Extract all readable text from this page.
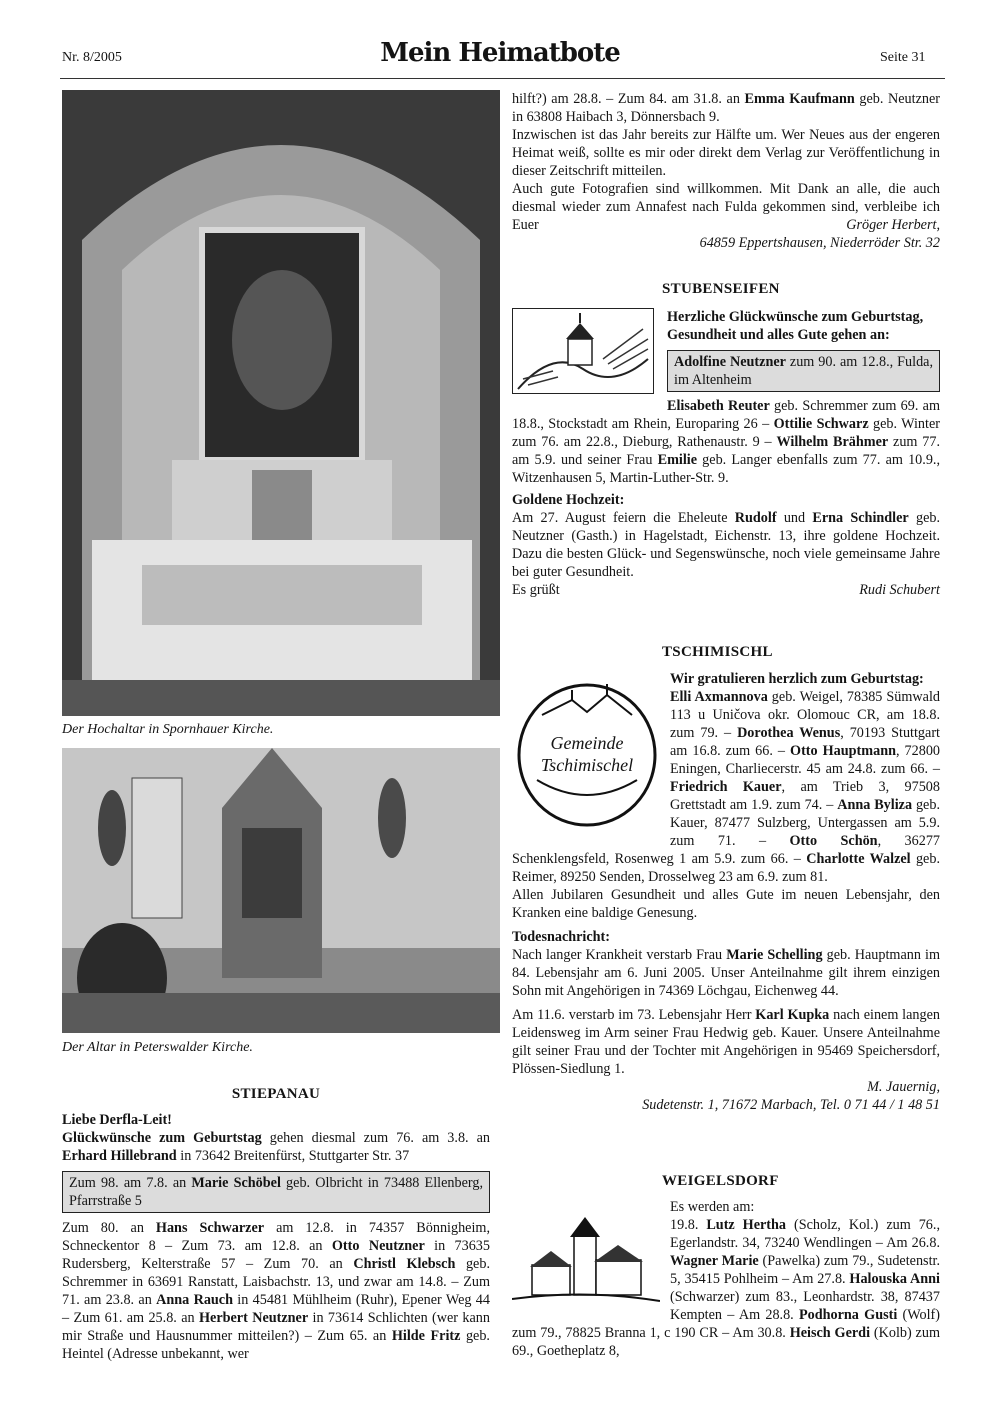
Nr. 8/2005	Mein Heimatbote	Seite 31
Der Hochaltar in Spornhauer Kirche.
Der Altar in Peterswalder Kirche.

STIEPANAU

Liebe Derfla-Leit!

Glückwünsche zum Geburtstag gehen diesmal zum 76. am 3.8. an Erhard Hillebrand in 73642 Breitenfürst, Stuttgarter Str. 37

Zum 98. am 7.8. an Marie Schöbel geb. Olbricht in 73488 Ellenberg, Pfarrstraße 5

Zum 80. an Hans Schwarzer am 12.8. in 74357 Bönnigheim, Schneckentor 8 – Zum 73. am 12.8. an Otto Neutzner in 73635 Rudersberg, Kelterstraße 57 – Zum 70. an Christl Klebsch geb. Schremmer in 63691 Ranstatt, Laisbachstr. 13, und zwar am 14.8. – Zum 71. am 23.8. an Anna Rauch in 45481 Mühlheim (Ruhr), Epener Weg 44 – Zum 61. am 25.8. an Herbert Neutzner in 73614 Schlichten (wer kann mir Straße und Hausnummer mitteilen?) – Zum 65. an Hilde Fritz geb. Heintel (Adresse unbekannt, wer

hilft?) am 28.8. – Zum 84. am 31.8. an Emma Kaufmann geb. Neutzner in 63808 Haibach 3, Dönnersbach 9.

Inzwischen ist das Jahr bereits zur Hälfte um. Wer Neues aus der engeren Heimat weiß, sollte es mir oder direkt dem Verlag zur Veröffentlichung in dieser Zeitschrift mitteilen.

Auch gute Fotografien sind willkommen. Mit Dank an alle, die auch diesmal wieder zum Annafest nach Fulda gekommen sind, verbleibe ich Euer	Gröger Herbert,

64859 Eppertshausen, Niederröder Str. 32

STUBENSEIFEN

Herzliche Glückwünsche zum Geburtstag, Gesundheit und alles Gute gehen an:

Adolfine Neutzner zum 90. am 12.8., Fulda, im Altenheim

Elisabeth Reuter geb. Schremmer zum 69. am 18.8., Stockstadt am Rhein, Europaring 26 – Ottilie Schwarz geb. Winter zum 76. am 22.8., Dieburg, Rathenaustr. 9 – Wilhelm Brähmer zum 77. am 5.9. und seiner Frau Emilie geb. Langer ebenfalls zum 77. am 10.9., Witzenhausen 5, Martin-Luther-Str. 9.

Goldene Hochzeit:

Am 27. August feiern die Eheleute Rudolf und Erna Schindler geb. Neutzner (Gasth.) in Hagelstadt, Eichenstr. 13, ihre goldene Hochzeit. Dazu die besten Glück- und Segenswünsche, noch viele gemeinsame Jahre bei guter Gesundheit.

Es grüßt	Rudi Schubert

TSCHIMISCHL

Gemeinde
Tschimischel

Wir gratulieren herzlich zum Geburtstag:

Elli Axmannova geb. Weigel, 78385 Sümwald 113 u Uničova okr. Olomouc CR, am 18.8. zum 79. – Dorothea Wenus, 70193 Stuttgart am 16.8. zum 66. – Otto Hauptmann, 72800 Eningen, Charliecerstr. 45 am 24.8. zum 66. – Friedrich Kauer, am Trieb 3, 97508 Grettstadt am 1.9. zum 74. – Anna Byliza geb. Kauer, 87477 Sulzberg, Untergassen am 5.9. zum 71. – Otto Schön, 36277 Schenklengsfeld, Rosenweg 1 am 5.9. zum 66. – Charlotte Walzel geb. Reimer, 89250 Senden, Drosselweg 23 am 6.9. zum 81.

Allen Jubilaren Gesundheit und alles Gute im neuen Lebensjahr, den Kranken eine baldige Genesung.

Todesnachricht:

Nach langer Krankheit verstarb Frau Marie Schelling geb. Hauptmann im 84. Lebensjahr am 6. Juni 2005. Unser Anteilnahme gilt ihrem einzigen Sohn mit Angehörigen in 74369 Löchgau, Eichenweg 44.

Am 11.6. verstarb im 73. Lebensjahr Herr Karl Kupka nach einem langen Leidensweg im Arm seiner Frau Hedwig geb. Kauer. Unsere Anteilnahme gilt seiner Frau und der Tochter mit Angehörigen in 95469 Speichersdorf, Plössen-Siedlung 1.

M. Jauernig,

Sudetenstr. 1, 71672 Marbach, Tel. 0 71 44 / 1 48 51

WEIGELSDORF

Es werden am:

19.8. Lutz Hertha (Scholz, Kol.) zum 76., Egerlandstr. 34, 73240 Wendlingen – Am 26.8. Wagner Marie (Pawelka) zum 79., Sudetenstr. 5, 35415 Pohlheim – Am 27.8. Halouska Anni (Schwarzer) zum 83., Leonhardstr. 38, 87437 Kempten – Am 28.8. Podhorna Gusti (Wolf) zum 79., 78825 Branna 1, c 190 CR – Am 30.8. Heisch Gerdi (Kolb) zum 69., Goetheplatz 8,
